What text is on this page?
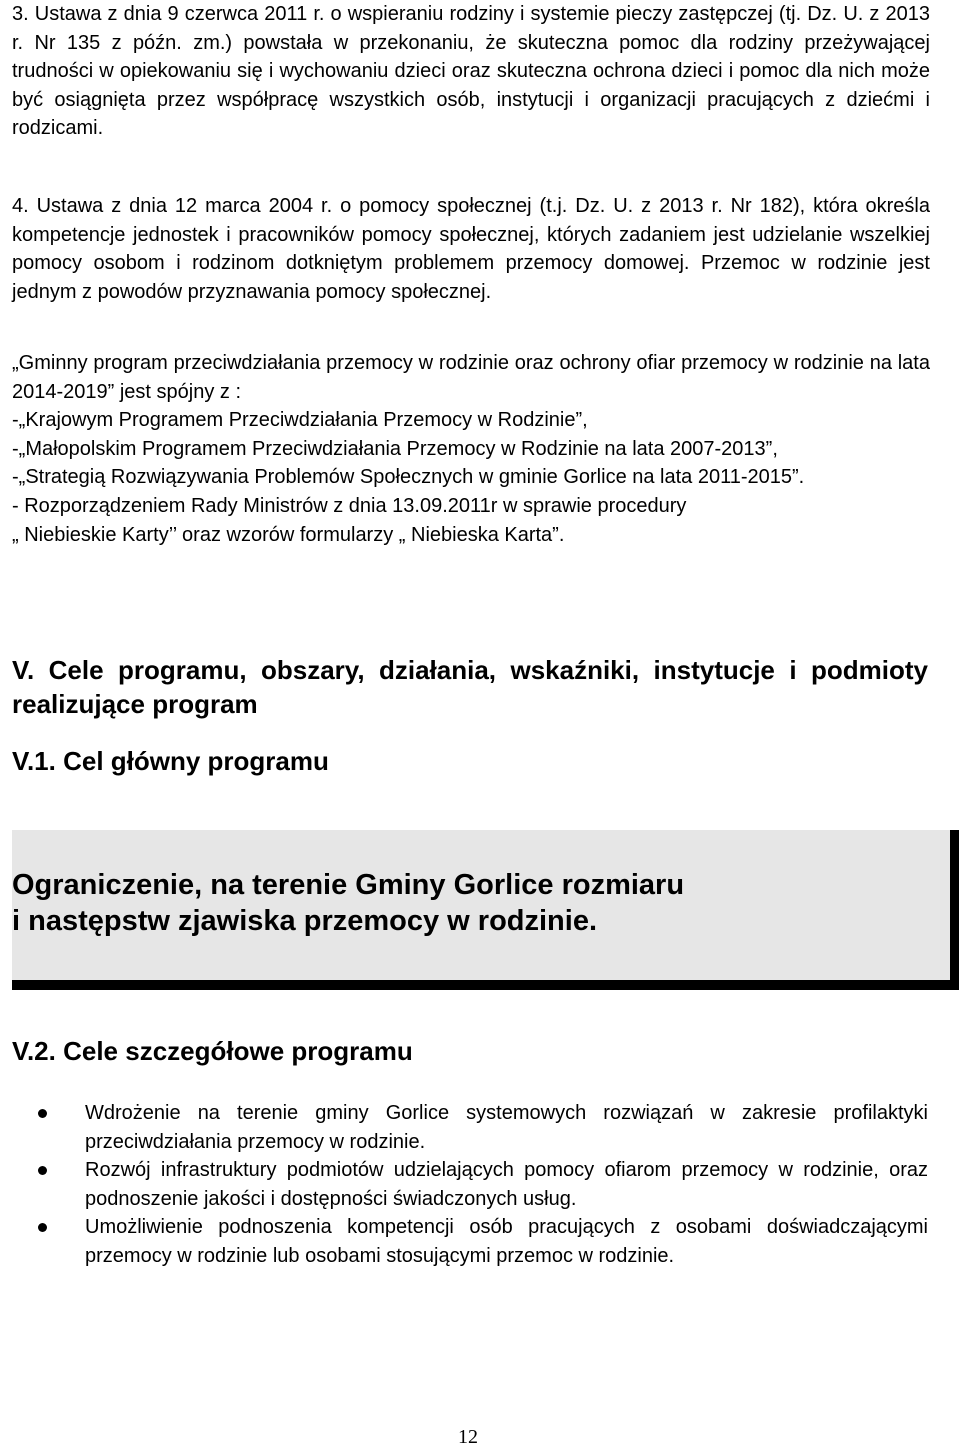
3. Ustawa z dnia 9 czerwca 2011 r. o wspieraniu rodziny i systemie pieczy zastępczej (tj. Dz. U. z 2013 r. Nr 135 z późn. zm.) powstała w przekonaniu, że skuteczna pomoc dla rodziny przeżywającej trudności w opiekowaniu się i wychowaniu dzieci oraz skuteczna ochrona dzieci i pomoc dla nich może być osiągnięta przez współpracę wszystkich osób, instytucji i organizacji pracujących z dziećmi i rodzicami.

4. Ustawa z dnia 12 marca 2004 r. o pomocy społecznej (t.j. Dz. U. z 2013 r. Nr 182), która określa kompetencje jednostek i pracowników pomocy społecznej, których zadaniem jest udzielanie wszelkiej pomocy osobom i rodzinom dotkniętym problemem przemocy domowej. Przemoc w rodzinie jest jednym z powodów przyznawania pomocy społecznej.

„Gminny program przeciwdziałania przemocy w rodzinie oraz ochrony ofiar przemocy w rodzinie na lata 2014-2019” jest spójny z :

-„Krajowym Programem Przeciwdziałania Przemocy w Rodzinie”,

-„Małopolskim Programem Przeciwdziałania Przemocy w Rodzinie na lata 2007-2013”,

-„Strategią Rozwiązywania Problemów Społecznych w gminie Gorlice na lata 2011-2015”.

- Rozporządzeniem Rady Ministrów z dnia 13.09.2011r w sprawie procedury

„ Niebieskie Karty’’ oraz wzorów formularzy „ Niebieska Karta”.

V. Cele programu, obszary, działania, wskaźniki, instytucje i podmioty realizujące program
V.1. Cel główny programu

Ograniczenie, na terenie Gminy Gorlice rozmiaru
i następstw zjawiska przemocy w rodzinie.

V.2. Cele szczegółowe programu

Wdrożenie na terenie gminy Gorlice systemowych rozwiązań w zakresie profilaktyki przeciwdziałania przemocy w rodzinie.

Rozwój infrastruktury podmiotów udzielających pomocy ofiarom przemocy w rodzinie, oraz podnoszenie jakości i dostępności świadczonych usług.

Umożliwienie podnoszenia kompetencji osób pracujących z osobami doświadczającymi przemocy w rodzinie lub osobami stosującymi przemoc w rodzinie.

12
